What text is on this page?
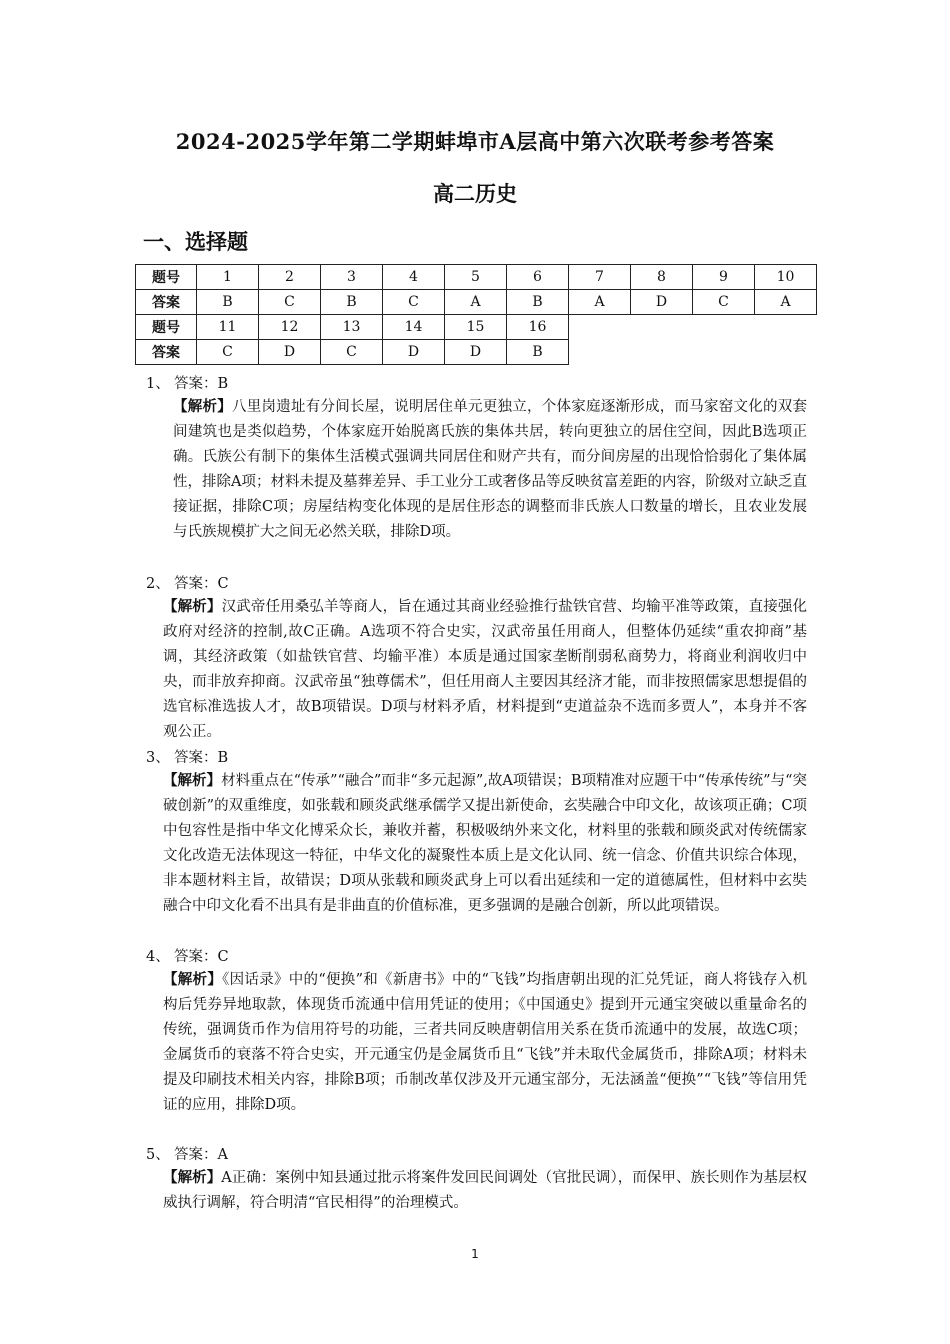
2024-2025学年第二学期蚌埠市A层高中第六次联考参考答案
高二历史
一、选择题
题号	1	2	3	4	5	6	7	8	9	10
答案	B	C	B	C	A	B	A	D	C	A
题号	11	12	13	14	15	16				
答案	C	D	C	D	D	B				
1、 答案：B
【解析】八里岗遗址有分间长屋，说明居住单元更独立，个体家庭逐渐形成，而马家窑文化的双套间建筑也是类似趋势，个体家庭开始脱离氏族的集体共居，转向更独立的居住空间，因此B选项正确。氏族公有制下的集体生活模式强调共同居住和财产共有，而分间房屋的出现恰恰弱化了集体属性，排除A项；材料未提及墓葬差异、手工业分工或奢侈品等反映贫富差距的内容，阶级对立缺乏直接证据，排除C项；房屋结构变化体现的是居住形态的调整而非氏族人口数量的增长，且农业发展与氏族规模扩大之间无必然关联，排除D项。
2、 答案：C
【解析】汉武帝任用桑弘羊等商人，旨在通过其商业经验推行盐铁官营、均输平准等政策，直接强化政府对经济的控制,故C正确。A选项不符合史实，汉武帝虽任用商人，但整体仍延续“重农抑商”基调，其经济政策（如盐铁官营、均输平准）本质是通过国家垄断削弱私商势力，将商业利润收归中央，而非放弃抑商。汉武帝虽“独尊儒术”，但任用商人主要因其经济才能，而非按照儒家思想提倡的选官标准选拔人才，故B项错误。D项与材料矛盾，材料提到“吏道益杂不选而多贾人”，本身并不客观公正。
3、 答案：B
【解析】材料重点在“传承”“融合”而非“多元起源”,故A项错误；B项精准对应题干中“传承传统”与“突破创新”的双重维度，如张载和顾炎武继承儒学又提出新使命，玄奘融合中印文化，故该项正确；C项中包容性是指中华文化博采众长，兼收并蓄，积极吸纳外来文化，材料里的张载和顾炎武对传统儒家文化改造无法体现这一特征，中华文化的凝聚性本质上是文化认同、统一信念、价值共识综合体现，非本题材料主旨，故错误；D项从张载和顾炎武身上可以看出延续和一定的道德属性，但材料中玄奘融合中印文化看不出具有是非曲直的价值标准，更多强调的是融合创新，所以此项错误。
4、 答案：C
【解析】《因话录》中的“便换”和《新唐书》中的“飞钱”均指唐朝出现的汇兑凭证，商人将钱存入机构后凭券异地取款，体现货币流通中信用凭证的使用；《中国通史》提到开元通宝突破以重量命名的传统，强调货币作为信用符号的功能，三者共同反映唐朝信用关系在货币流通中的发展，故选C项；金属货币的衰落不符合史实，开元通宝仍是金属货币且“飞钱”并未取代金属货币，排除A项；材料未提及印刷技术相关内容，排除B项；币制改革仅涉及开元通宝部分，无法涵盖“便换”“飞钱”等信用凭证的应用，排除D项。
5、 答案：A
【解析】A正确：案例中知县通过批示将案件发回民间调处（官批民调），而保甲、族长则作为基层权威执行调解，符合明清“官民相得”的治理模式。
1
